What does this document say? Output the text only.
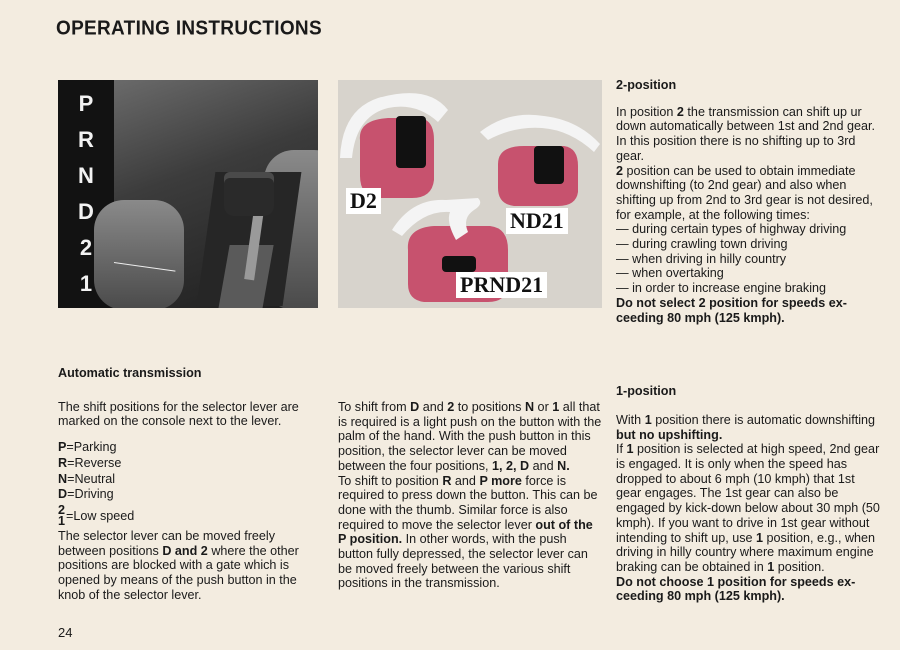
OPERATING INSTRUCTIONS
P
R
N
D
2
1
D2
ND21
PRND21

Automatic transmission

The shift positions for the selector lever are marked on the console next to the lever.

P=Parking

R=Reverse

N=Neutral

D=Driving

2
1 = Low speed

The selector lever can be moved freely between positions D and 2 where the other positions are blocked with a gate which is opened by means of the push button in the knob of the selector lever.

To shift from D and 2 to positions N or 1 all that is required is a light push on the button with the palm of the hand. With the push button in this position, the selector lever can be moved between the four positions, 1, 2, D and N.

To shift to position R and P more force is required to press down the button. This can be done with the thumb. Similar force is also required to move the selector lever out of the P position. In other words, with the push button fully depressed, the selector lever can be moved freely between the various shift positions in the transmission.

2-position

In position 2 the transmission can shift up ur down automatically between 1st and 2nd gear.

In this position there is no shifting up to 3rd gear.

2 position can be used to obtain immediate downshifting (to 2nd gear) and also when shifting up from 2nd to 3rd gear is not desired, for example, at the following times:

— during certain types of highway driving

— during crawling town driving

— when driving in hilly country

— when overtaking

— in order to increase engine braking

Do not select 2 position for speeds exceeding 80 mph (125 kmph).

1-position

With 1 position there is automatic downshifting but no upshifting.

If 1 position is selected at high speed, 2nd gear is engaged. It is only when the speed has dropped to about 6 mph (10 kmph) that 1st gear engages. The 1st gear can also be engaged by kick-down below about 30 mph (50 kmph). If you want to drive in 1st gear without intending to shift up, use 1 position, e.g., when driving in hilly country where maximum engine braking can be obtained in 1 position.

Do not choose 1 position for speeds exceeding 80 mph (125 kmph).

24
